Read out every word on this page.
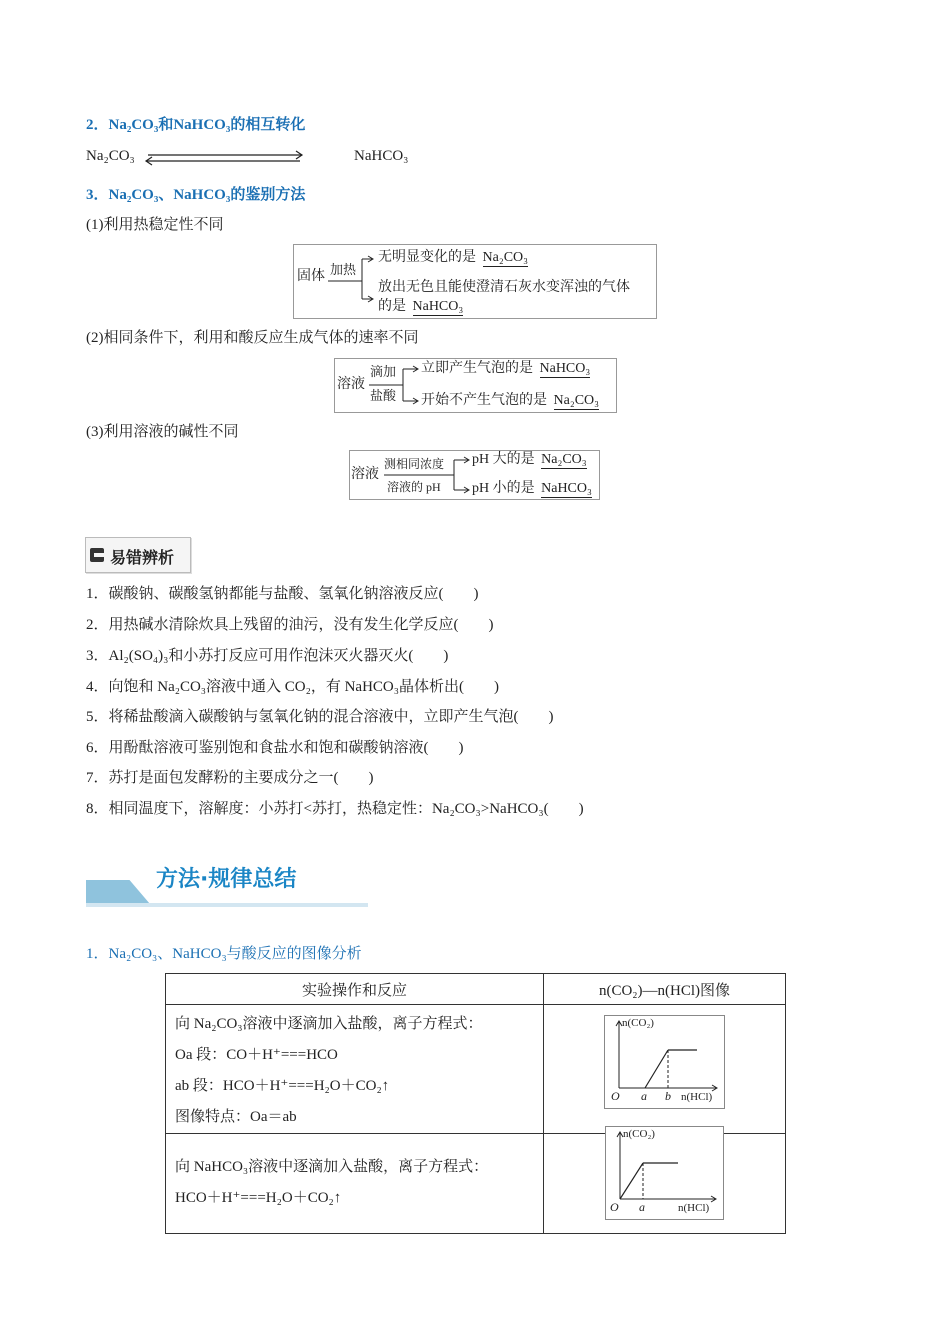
2．Na₂CO₃和NaHCO₃的相互转化
Na₂CO₃	NaHCO₃
3．Na₂CO₃、NaHCO₃的鉴别方法
(1)利用热稳定性不同
固体 加热
无明显变化的是 Na₂CO₃
放出无色且能使澄清石灰水变浑浊的气体
的是 NaHCO₃
(2)相同条件下，利用和酸反应生成气体的速率不同
溶液
滴加
盐酸
立即产生气泡的是 NaHCO₃
开始不产生气泡的是 Na₂CO₃
(3)利用溶液的碱性不同
溶液
测相同浓度
溶液的 pH
pH 大的是 Na₂CO₃
pH 小的是 NaHCO₃
易错辨析
1．碳酸钠、碳酸氢钠都能与盐酸、氢氧化钠溶液反应(　　)
2．用热碱水清除炊具上残留的油污，没有发生化学反应(　　)
3．Al₂(SO₄)₃和小苏打反应可用作泡沫灭火器灭火(　　)
4．向饱和 Na₂CO₃溶液中通入 CO₂，有 NaHCO₃晶体析出(　　)
5．将稀盐酸滴入碳酸钠与氢氧化钠的混合溶液中，立即产生气泡(　　)
6．用酚酞溶液可鉴别饱和食盐水和饱和碳酸钠溶液(　　)
7．苏打是面包发酵粉的主要成分之一(　　)
8．相同温度下，溶解度：小苏打<苏打，热稳定性：Na₂CO₃>NaHCO₃(　　)
方法·规律总结
1．Na₂CO₃、NaHCO₃与酸反应的图像分析
实验操作和反应	n(CO₂)—n(HCl)图像

向 Na₂CO₃溶液中逐滴加入盐酸，离子方程式：
Oa 段：CO＋H⁺===HCO
ab 段：HCO＋H⁺===H₂O＋CO₂↑
图像特点：Oa＝ab	

向 NaHCO₃溶液中逐滴加入盐酸，离子方程式：
HCO＋H⁺===H₂O＋CO₂↑	

n(CO₂)
O a b n(HCl)
n(CO₂)
O a	n(HCl)
